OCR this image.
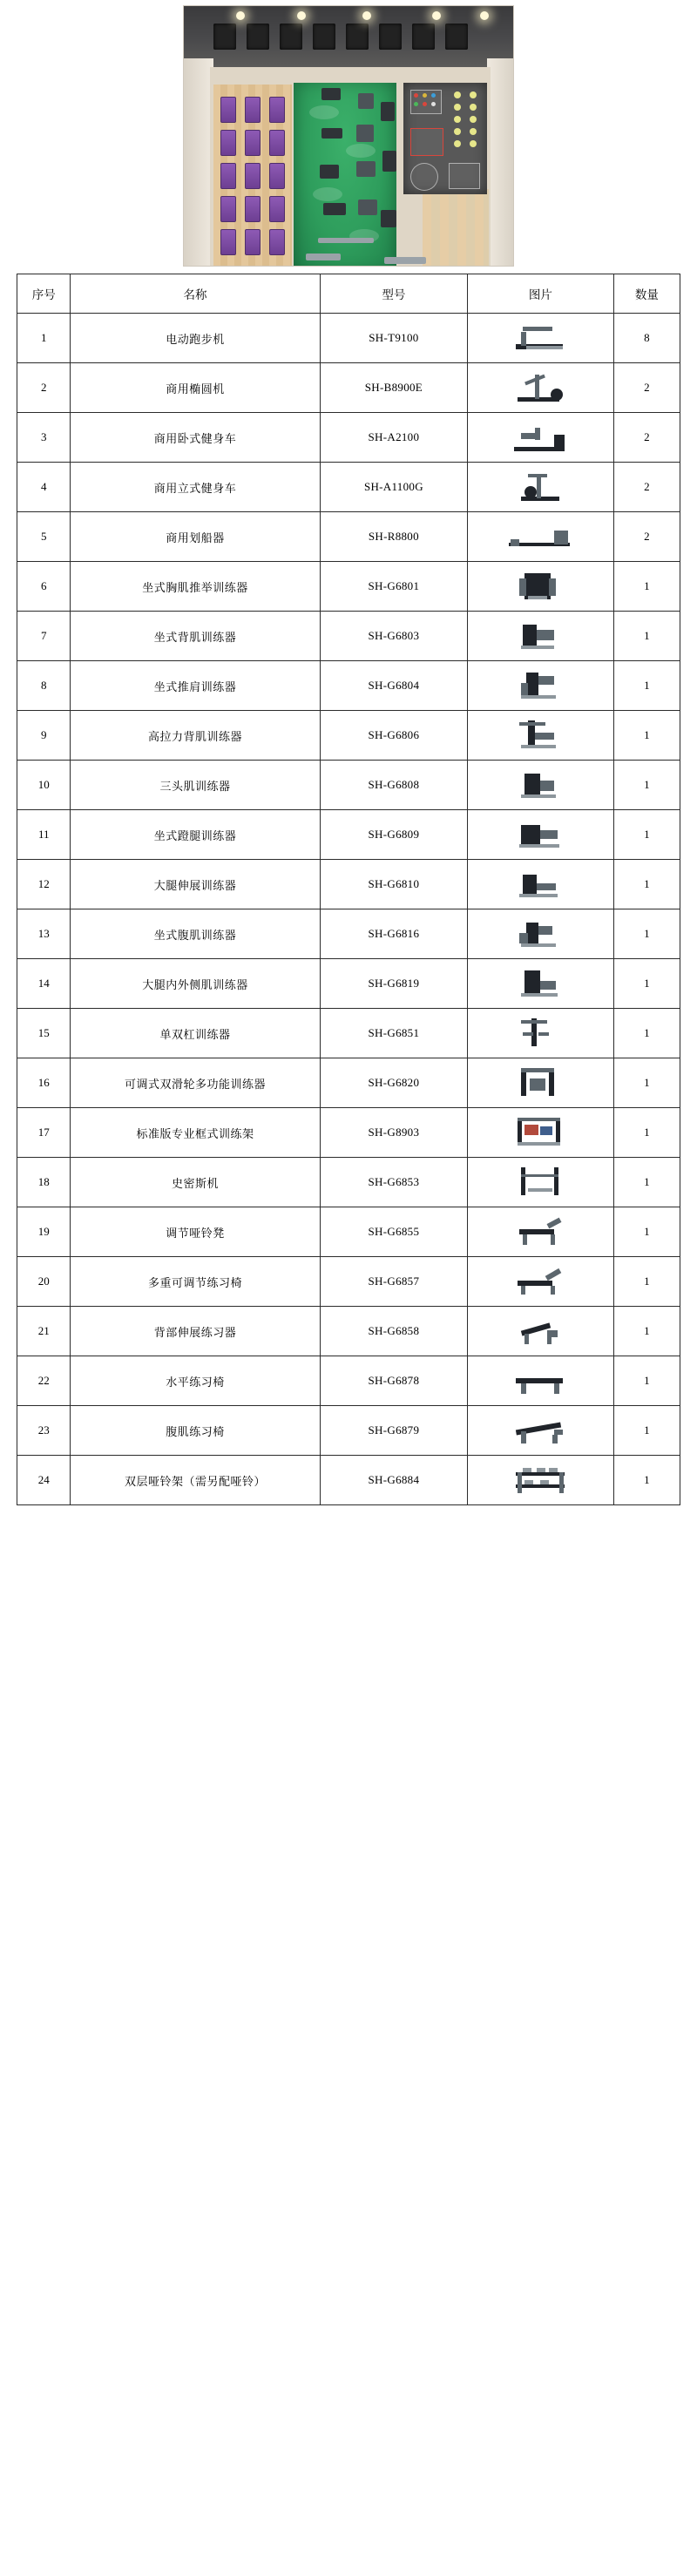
序号	名称	型号	图片	数量
1	电动跑步机	SH-T9100		8
2	商用椭圆机	SH-B8900E		2
3	商用卧式健身车	SH-A2100		2
4	商用立式健身车	SH-A1100G		2
5	商用划船器	SH-R8800		2
6	坐式胸肌推举训练器	SH-G6801		1
7	坐式背肌训练器	SH-G6803		1
8	坐式推肩训练器	SH-G6804		1
9	高拉力背肌训练器	SH-G6806		1
10	三头肌训练器	SH-G6808		1
11	坐式蹬腿训练器	SH-G6809		1
12	大腿伸展训练器	SH-G6810		1
13	坐式腹肌训练器	SH-G6816		1
14	大腿内外侧肌训练器	SH-G6819		1
15	单双杠训练器	SH-G6851		1
16	可调式双滑轮多功能训练器	SH-G6820		1
17	标准版专业框式训练架	SH-G8903		1
18	史密斯机	SH-G6853		1
19	调节哑铃凳	SH-G6855		1
20	多重可调节练习椅	SH-G6857		1
21	背部伸展练习器	SH-G6858		1
22	水平练习椅	SH-G6878		1
23	腹肌练习椅	SH-G6879		1
24	双层哑铃架（需另配哑铃）	SH-G6884		1
